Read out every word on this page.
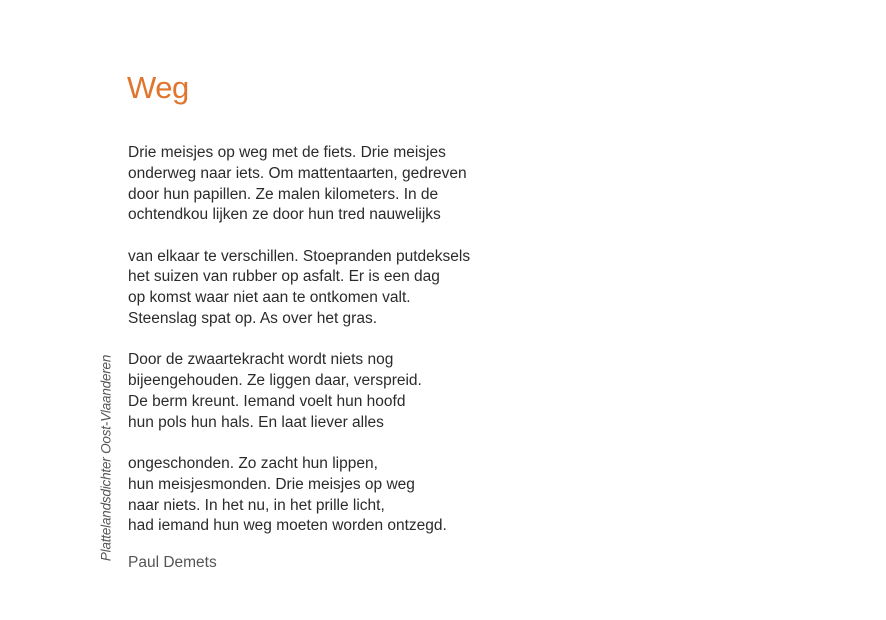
Plattelandsdichter Oost-Vlaanderen
Weg
Drie meisjes op weg met de fiets. Drie meisjes
onderweg naar iets. Om mattentaarten, gedreven
door hun papillen. Ze malen kilometers. In de
ochtendkou lijken ze door hun tred nauwelijks
van elkaar te verschillen. Stoepranden putdeksels
het suizen van rubber op asfalt. Er is een dag
op komst waar niet aan te ontkomen valt.
Steenslag spat op. As over het gras.
Door de zwaartekracht wordt niets nog
bijeengehouden. Ze liggen daar, verspreid.
De berm kreunt. Iemand voelt hun hoofd
hun pols hun hals. En laat liever alles
ongeschonden. Zo zacht hun lippen,
hun meisjesmonden. Drie meisjes op weg
naar niets. In het nu, in het prille licht,
had iemand hun weg moeten worden ontzegd.
Paul Demets
